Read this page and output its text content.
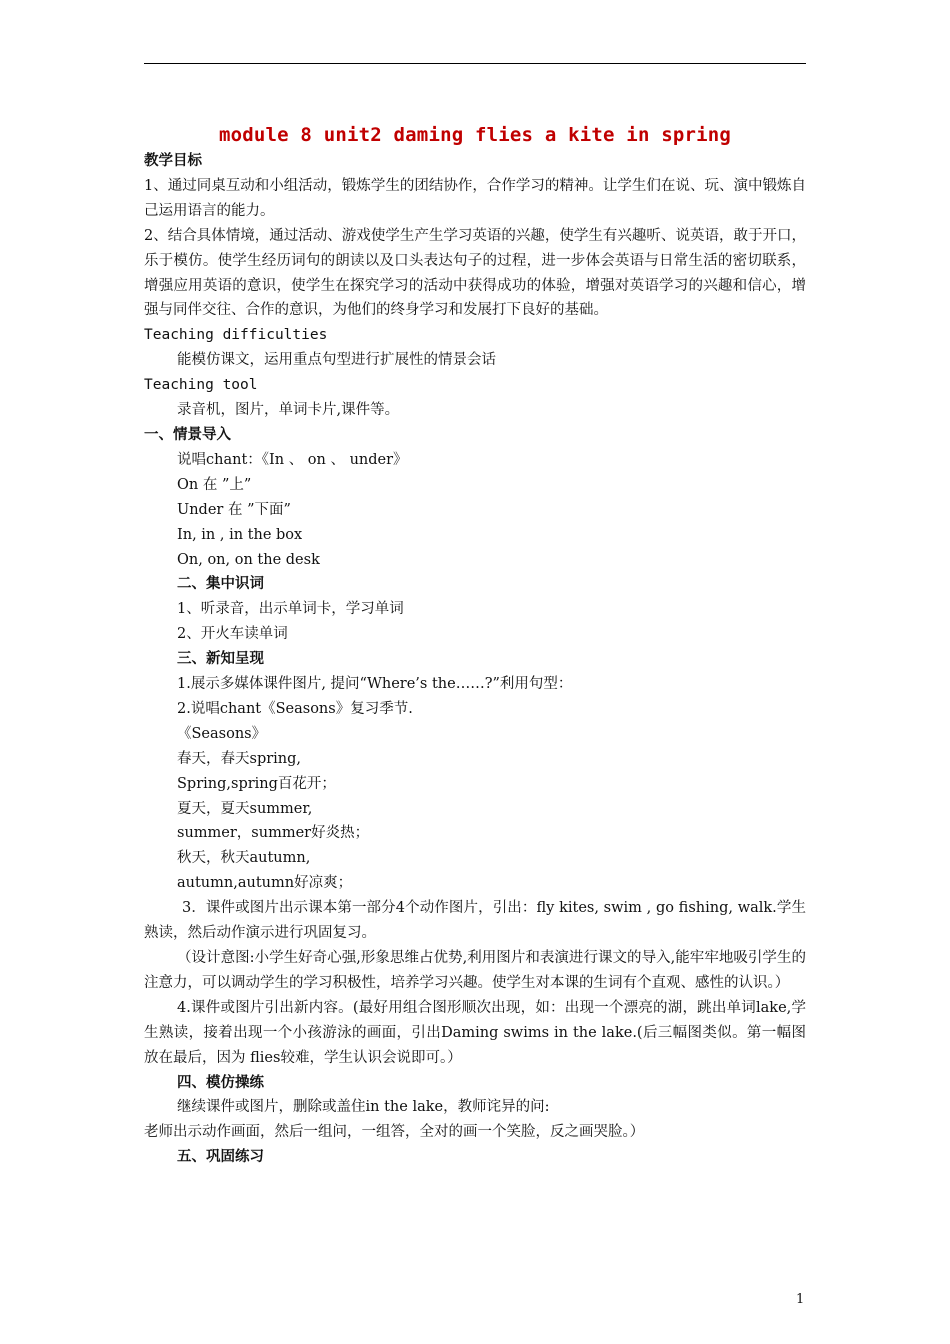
module 8 unit2 daming flies a kite in spring

教学目标

1、通过同桌互动和小组活动，锻炼学生的团结协作，合作学习的精神。让学生们在说、玩、演中锻炼自己运用语言的能力。

2、结合具体情境，通过活动、游戏使学生产生学习英语的兴趣，使学生有兴趣听、说英语，敢于开口，乐于模仿。使学生经历词句的朗读以及口头表达句子的过程，进一步体会英语与日常生活的密切联系，增强应用英语的意识，使学生在探究学习的活动中获得成功的体验，增强对英语学习的兴趣和信心，增强与同伴交往、合作的意识，为他们的终身学习和发展打下良好的基础。

Teaching difficulties

能模仿课文，运用重点句型进行扩展性的情景会话

Teaching tool

录音机，图片，单词卡片,课件等。

一、情景导入

说唱chant：《In 、 on 、 under》

On 在 ”上”

Under 在 ”下面”

In, in , in the box

On, on, on the desk

二、集中识词

1、听录音，出示单词卡，学习单词

2、开火车读单词

三、新知呈现

1.展示多媒体课件图片, 提问“Where’s the……?”利用句型：

2.说唱chant《Seasons》复习季节.

《Seasons》

春天，春天spring,

Spring,spring百花开；

夏天，夏天summer,

summer，summer好炎热；

秋天，秋天autumn,

autumn,autumn好凉爽；

3．课件或图片出示课本第一部分4个动作图片，引出：fly kites, swim , go fishing, walk.学生熟读，然后动作演示进行巩固复习。

（设计意图:小学生好奇心强,形象思维占优势,利用图片和表演进行课文的导入,能牢牢地吸引学生的注意力，可以调动学生的学习积极性，培养学习兴趣。使学生对本课的生词有个直观、感性的认识。）

4.课件或图片引出新内容。(最好用组合图形顺次出现，如：出现一个漂亮的湖，跳出单词lake,学生熟读，接着出现一个小孩游泳的画面，引出Daming swims in the lake.(后三幅图类似。第一幅图放在最后，因为 flies较难，学生认识会说即可。）

四、模仿操练

继续课件或图片，删除或盖住in the lake，教师诧异的问:

老师出示动作画面，然后一组问，一组答，全对的画一个笑脸，反之画哭脸。）

五、巩固练习

1
